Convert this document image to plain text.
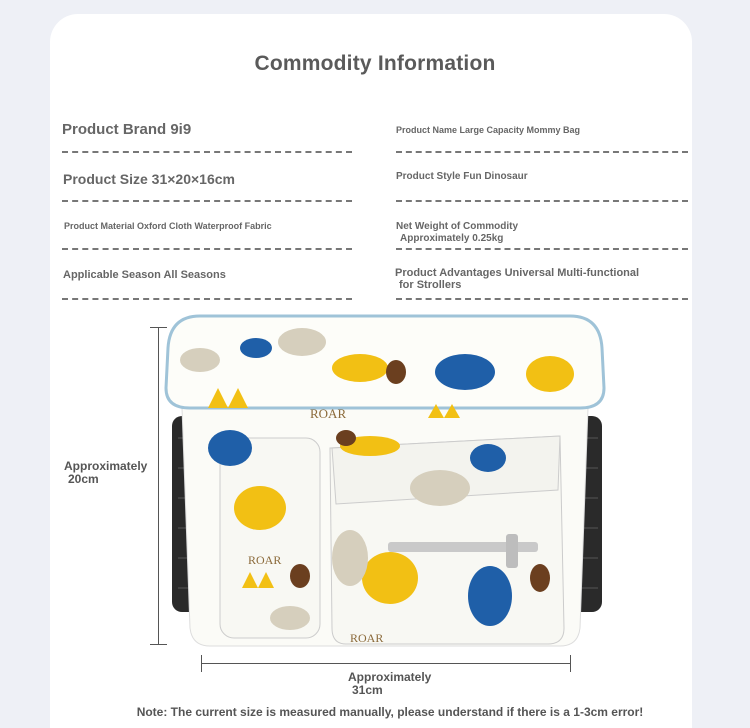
Commodity Information
Product Brand 9i9
Product Size 31×20×16cm
Product Material Oxford Cloth Waterproof Fabric
Applicable Season All Seasons
Product Name Large Capacity Mommy Bag
Product Style Fun Dinosaur
Net Weight of Commodity
Approximately 0.25kg
Product Advantages Universal Multi-functional
for Strollers
ROAR
ROAR
ROAR
Approximately
20cm
Approximately
31cm
Note: The current size is measured manually, please understand if there is a 1-3cm error!
